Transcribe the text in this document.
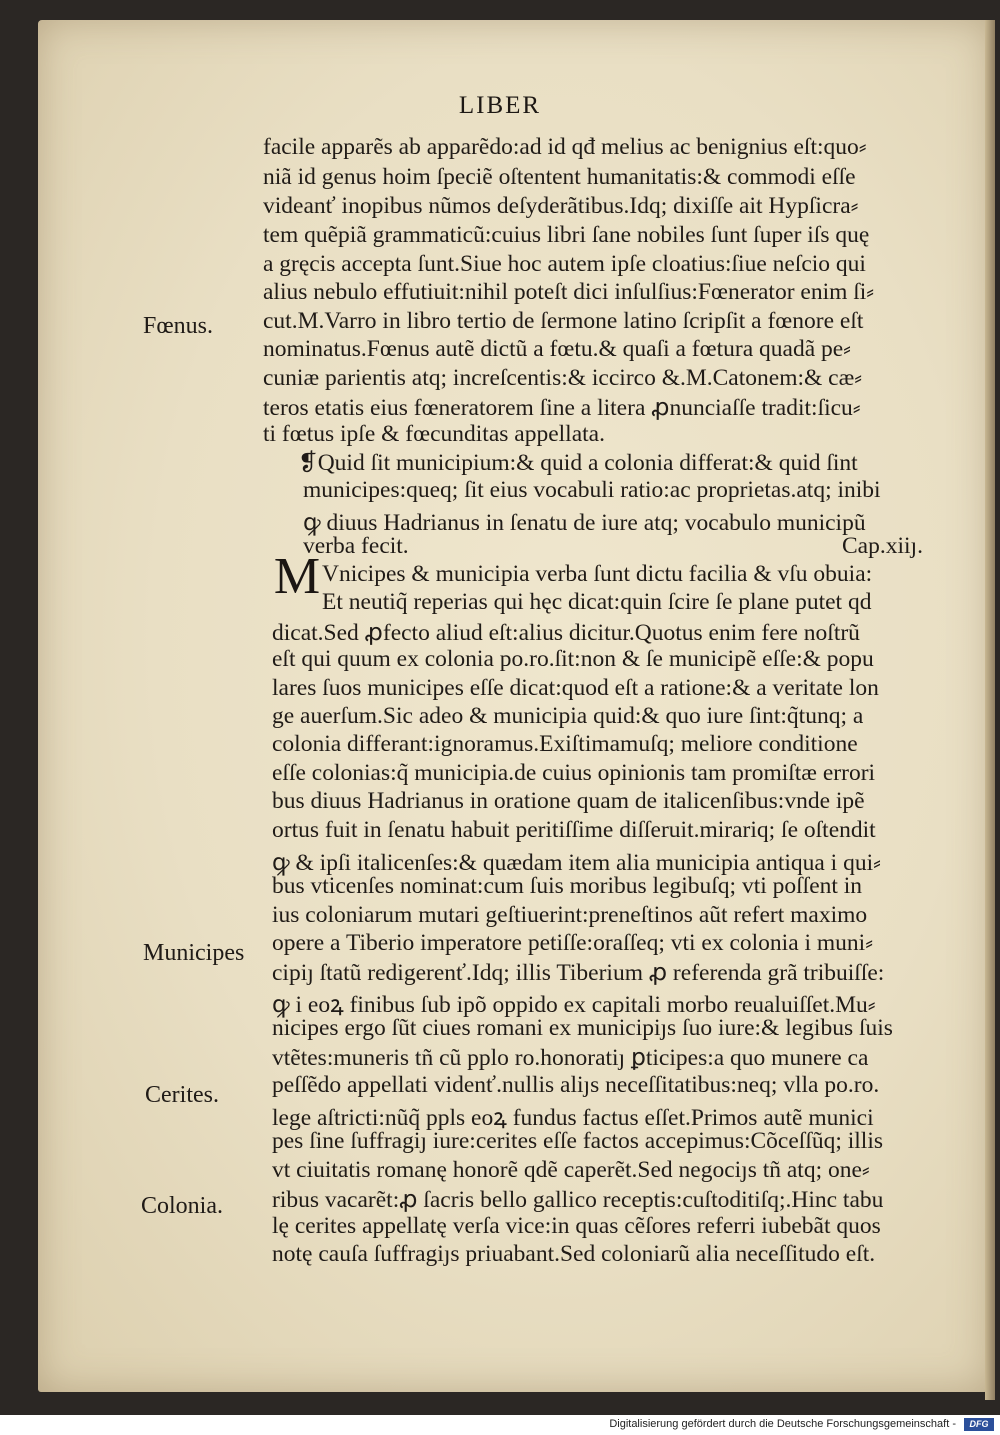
LIBER
facile apparẽs ab apparẽdo:ad id qđ melius ac benignius eſt:quo⸗
niã id genus hoim ſpeciẽ oſtentent humanitatis:& commodi eſſe
videanť inopibus nũmos deſyderãtibus.Idq; dixiſſe ait Hypſicra⸗
tem quẽpiã grammaticũ:cuius libri ſane nobiles ſunt ſuper iſs quę
a gręcis accepta ſunt.Siue hoc autem ipſe cloatius:ſiue neſcio qui
alius nebulo effutiuit:nihil poteſt dici inſulſius:Fœnerator enim ſi⸗
cut.M.Varro in libro tertio de ſermone latino ſcripſit a fœnore eſt
nominatus.Fœnus autẽ dictũ a fœtu.& quaſi a fœtura quadã pe⸗
cuniæ parientis atq; increſcentis:& iccirco &.M.Catonem:& cæ⸗
teros etatis eius fœneratorem ſine a litera ꝓnunciaſſe tradit:ſicu⸗
ti fœtus ipſe & fœcunditas appellata.
❡Quid ſit municipium:& quid a colonia differat:& quid ſint
municipes:queq; ſit eius vocabuli ratio:ac proprietas.atq; inibi
ꝙ diuus Hadrianus in ſenatu de iure atq; vocabulo municipũ
verba fecit.	Cap.xiiȷ.
M Vnicipes & municipia verba ſunt dictu facilia & vſu obuia:
Et neutiq̃ reperias qui hęc dicat:quin ſcire ſe plane putet qd
dicat.Sed ꝓfecto aliud eſt:alius dicitur.Quotus enim fere noſtrũ
eſt qui quum ex colonia po.ro.ſit:non & ſe municipẽ eſſe:& popu
lares ſuos municipes eſſe dicat:quod eſt a ratione:& a veritate lon
ge auerſum.Sic adeo & municipia quid:& quo iure ſint:q̃tunq; a
colonia differant:ignoramus.Exiſtimamuſq; meliore conditione
eſſe colonias:q̃ municipia.de cuius opinionis tam promiſtæ errori
bus diuus Hadrianus in oratione quam de italicenſibus:vnde ipẽ
ortus fuit in ſenatu habuit peritiſſime diſſeruit.mirariq; ſe oſtendit
ꝙ & ipſi italicenſes:& quædam item alia municipia antiqua i qui⸗
bus vticenſes nominat:cum ſuis moribus legibuſq; vti poſſent in
ius coloniarum mutari geſtiuerint:preneſtinos aũt refert maximo
opere a Tiberio imperatore petiſſe:oraſſeq; vti ex colonia i muni⸗
cipiȷ ſtatũ redigerenť.Idq; illis Tiberium ꝓ referenda grã tribuiſſe:
ꝙ i eoꝝ finibus ſub ipõ oppido ex capitali morbo reualuiſſet.Mu⸗
nicipes ergo ſũt ciues romani ex municipiȷs ſuo iure:& legibus ſuis
vtẽtes:muneris tñ cũ pplo ro.honoratiȷ ꝑticipes:a quo munere ca
peſſẽdo appellati videnť.nullis aliȷs neceſſitatibus:neq; vlla po.ro.
lege aſtricti:nũq̃ ppls eoꝝ fundus factus eſſet.Primos autẽ munici
pes ſine ſuffragiȷ iure:cerites eſſe factos accepimus:Cõceſſũq; illis
vt ciuitatis romanę honorẽ qdẽ caperẽt.Sed negociȷs tñ atq; one⸗
ribus vacarẽt:ꝓ ſacris bello gallico receptis:cuſtoditiſq;.Hinc tabu
lę cerites appellatę verſa vice:in quas cẽſores referri iubebãt quos
notę cauſa ſuffragiȷs priuabant.Sed coloniarũ alia neceſſitudo eſt.
Fœnus.
Municipes
Cerites.
Colonia.
Digitalisierung gefördert durch die Deutsche Forschungsgemeinschaft -	DFG
